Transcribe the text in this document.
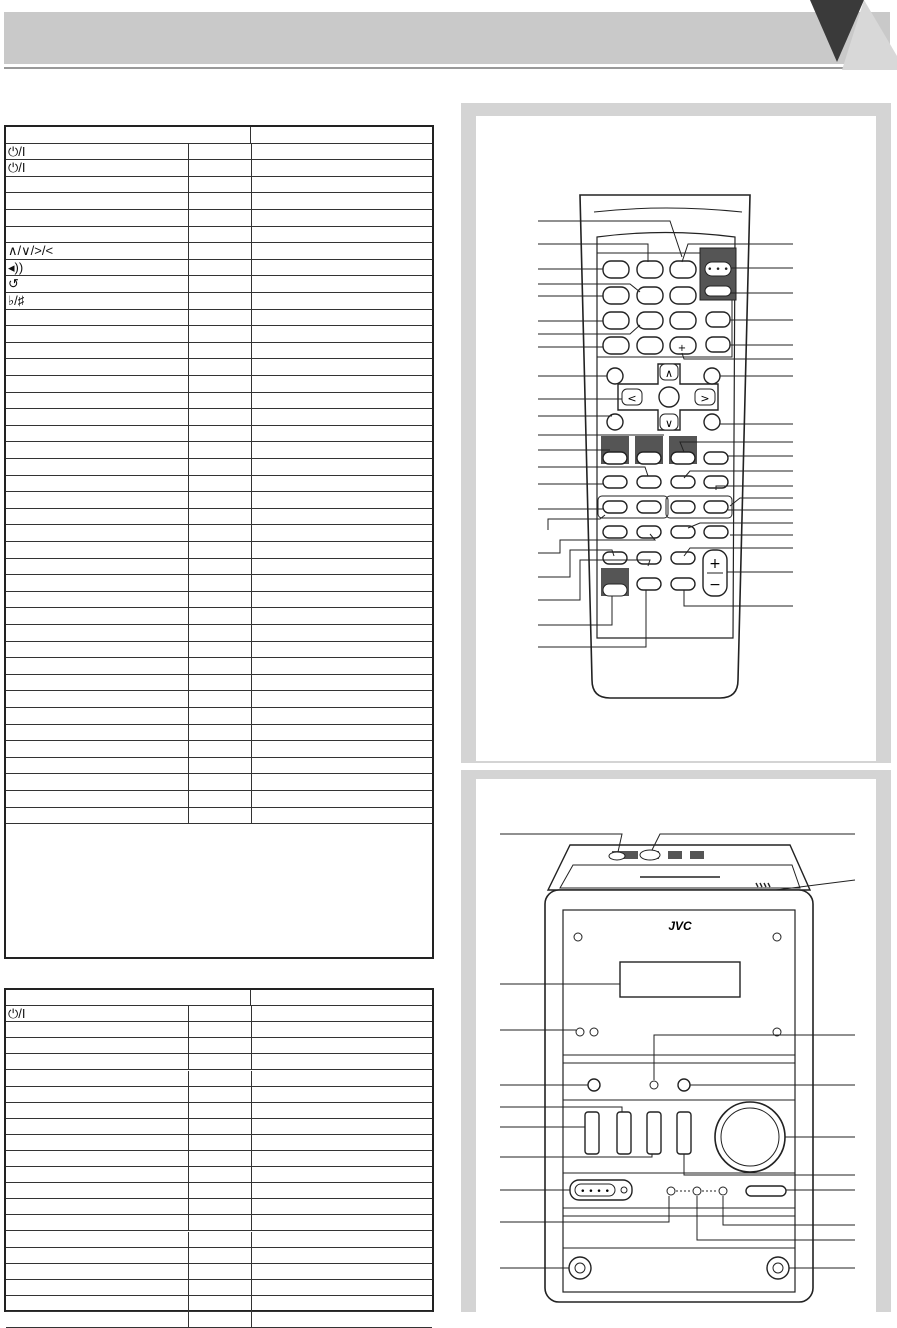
⏻/I
⏻/I
∧/∨/>/<
◂))
↺
♭/♯
⏻/I
• • •
∧
∨
<	>
+
+
−
JVC
• • • •
